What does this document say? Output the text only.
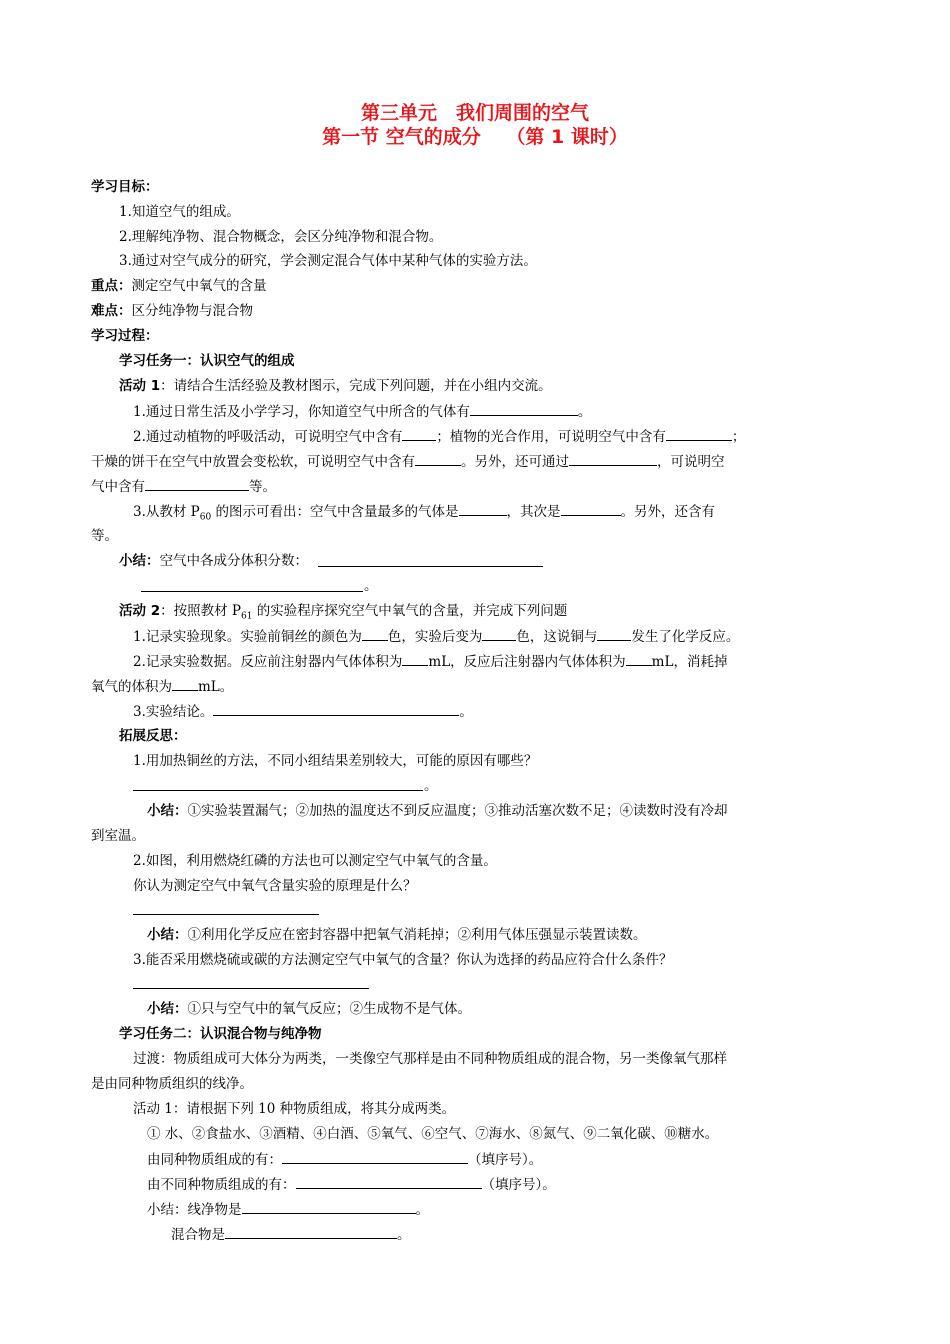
第三单元　我们周围的空气
第一节 空气的成分　 （第 1 课时）
学习目标：
1.知道空气的组成。
2.理解纯净物、混合物概念，会区分纯净物和混合物。
3.通过对空气成分的研究，学会测定混合气体中某种气体的实验方法。
重点：测定空气中氧气的含量
难点：区分纯净物与混合物
学习过程：
学习任务一：认识空气的组成
活动 1：请结合生活经验及教材图示，完成下列问题，并在小组内交流。
1.通过日常生活及小学学习，你知道空气中所含的气体有	。
2.通过动植物的呼吸活动，可说明空气中含有	；植物的光合作用，可说明空气中含有	；
干燥的饼干在空气中放置会变松软，可说明空气中含有	。另外，还可通过	，可说明空
气中含有	等。
3.从教材 $P_{60}$ 的图示可看出：空气中含量最多的气体是	，其次是	。另外，还含有
等。
小结：空气中各成分体积分数：
。
活动 2：按照教材 $P_{61}$ 的实验程序探究空气中氧气的含量，并完成下列问题
1.记录实验现象。实验前铜丝的颜色为 色，实验后变为	色，这说铜与	发生了化学反应。
2.记录实验数据。反应前注射器内气体体积为 mL，反应后注射器内气体体积为 mL，消耗掉
氧气的体积为 mL。
3.实验结论。	。
拓展反思：
1.用加热铜丝的方法，不同小组结果差别较大，可能的原因有哪些？
。
小结：①实验装置漏气；②加热的温度达不到反应温度；③推动活塞次数不足；④读数时没有冷却
到室温。
2.如图，利用燃烧红磷的方法也可以测定空气中氧气的含量。
你认为测定空气中氧气含量实验的原理是什么？
小结：①利用化学反应在密封容器中把氧气消耗掉；②利用气体压强显示装置读数。
3.能否采用燃烧硫或碳的方法测定空气中氧气的含量？你认为选择的药品应符合什么条件？
小结：①只与空气中的氧气反应；②生成物不是气体。
学习任务二：认识混合物与纯净物
过渡：物质组成可大体分为两类，一类像空气那样是由不同种物质组成的混合物，另一类像氧气那样
是由同种物质组织的线净。
活动 1：请根据下列 10 种物质组成，将其分成两类。
① 水、②食盐水、③酒精、④白酒、⑤氧气、⑥空气、⑦海水、⑧氮气、⑨二氧化碳、⑩糖水。
由同种物质组成的有：	（填序号）。
由不同种物质组成的有：	（填序号）。
小结：线净物是	。
混合物是	。
